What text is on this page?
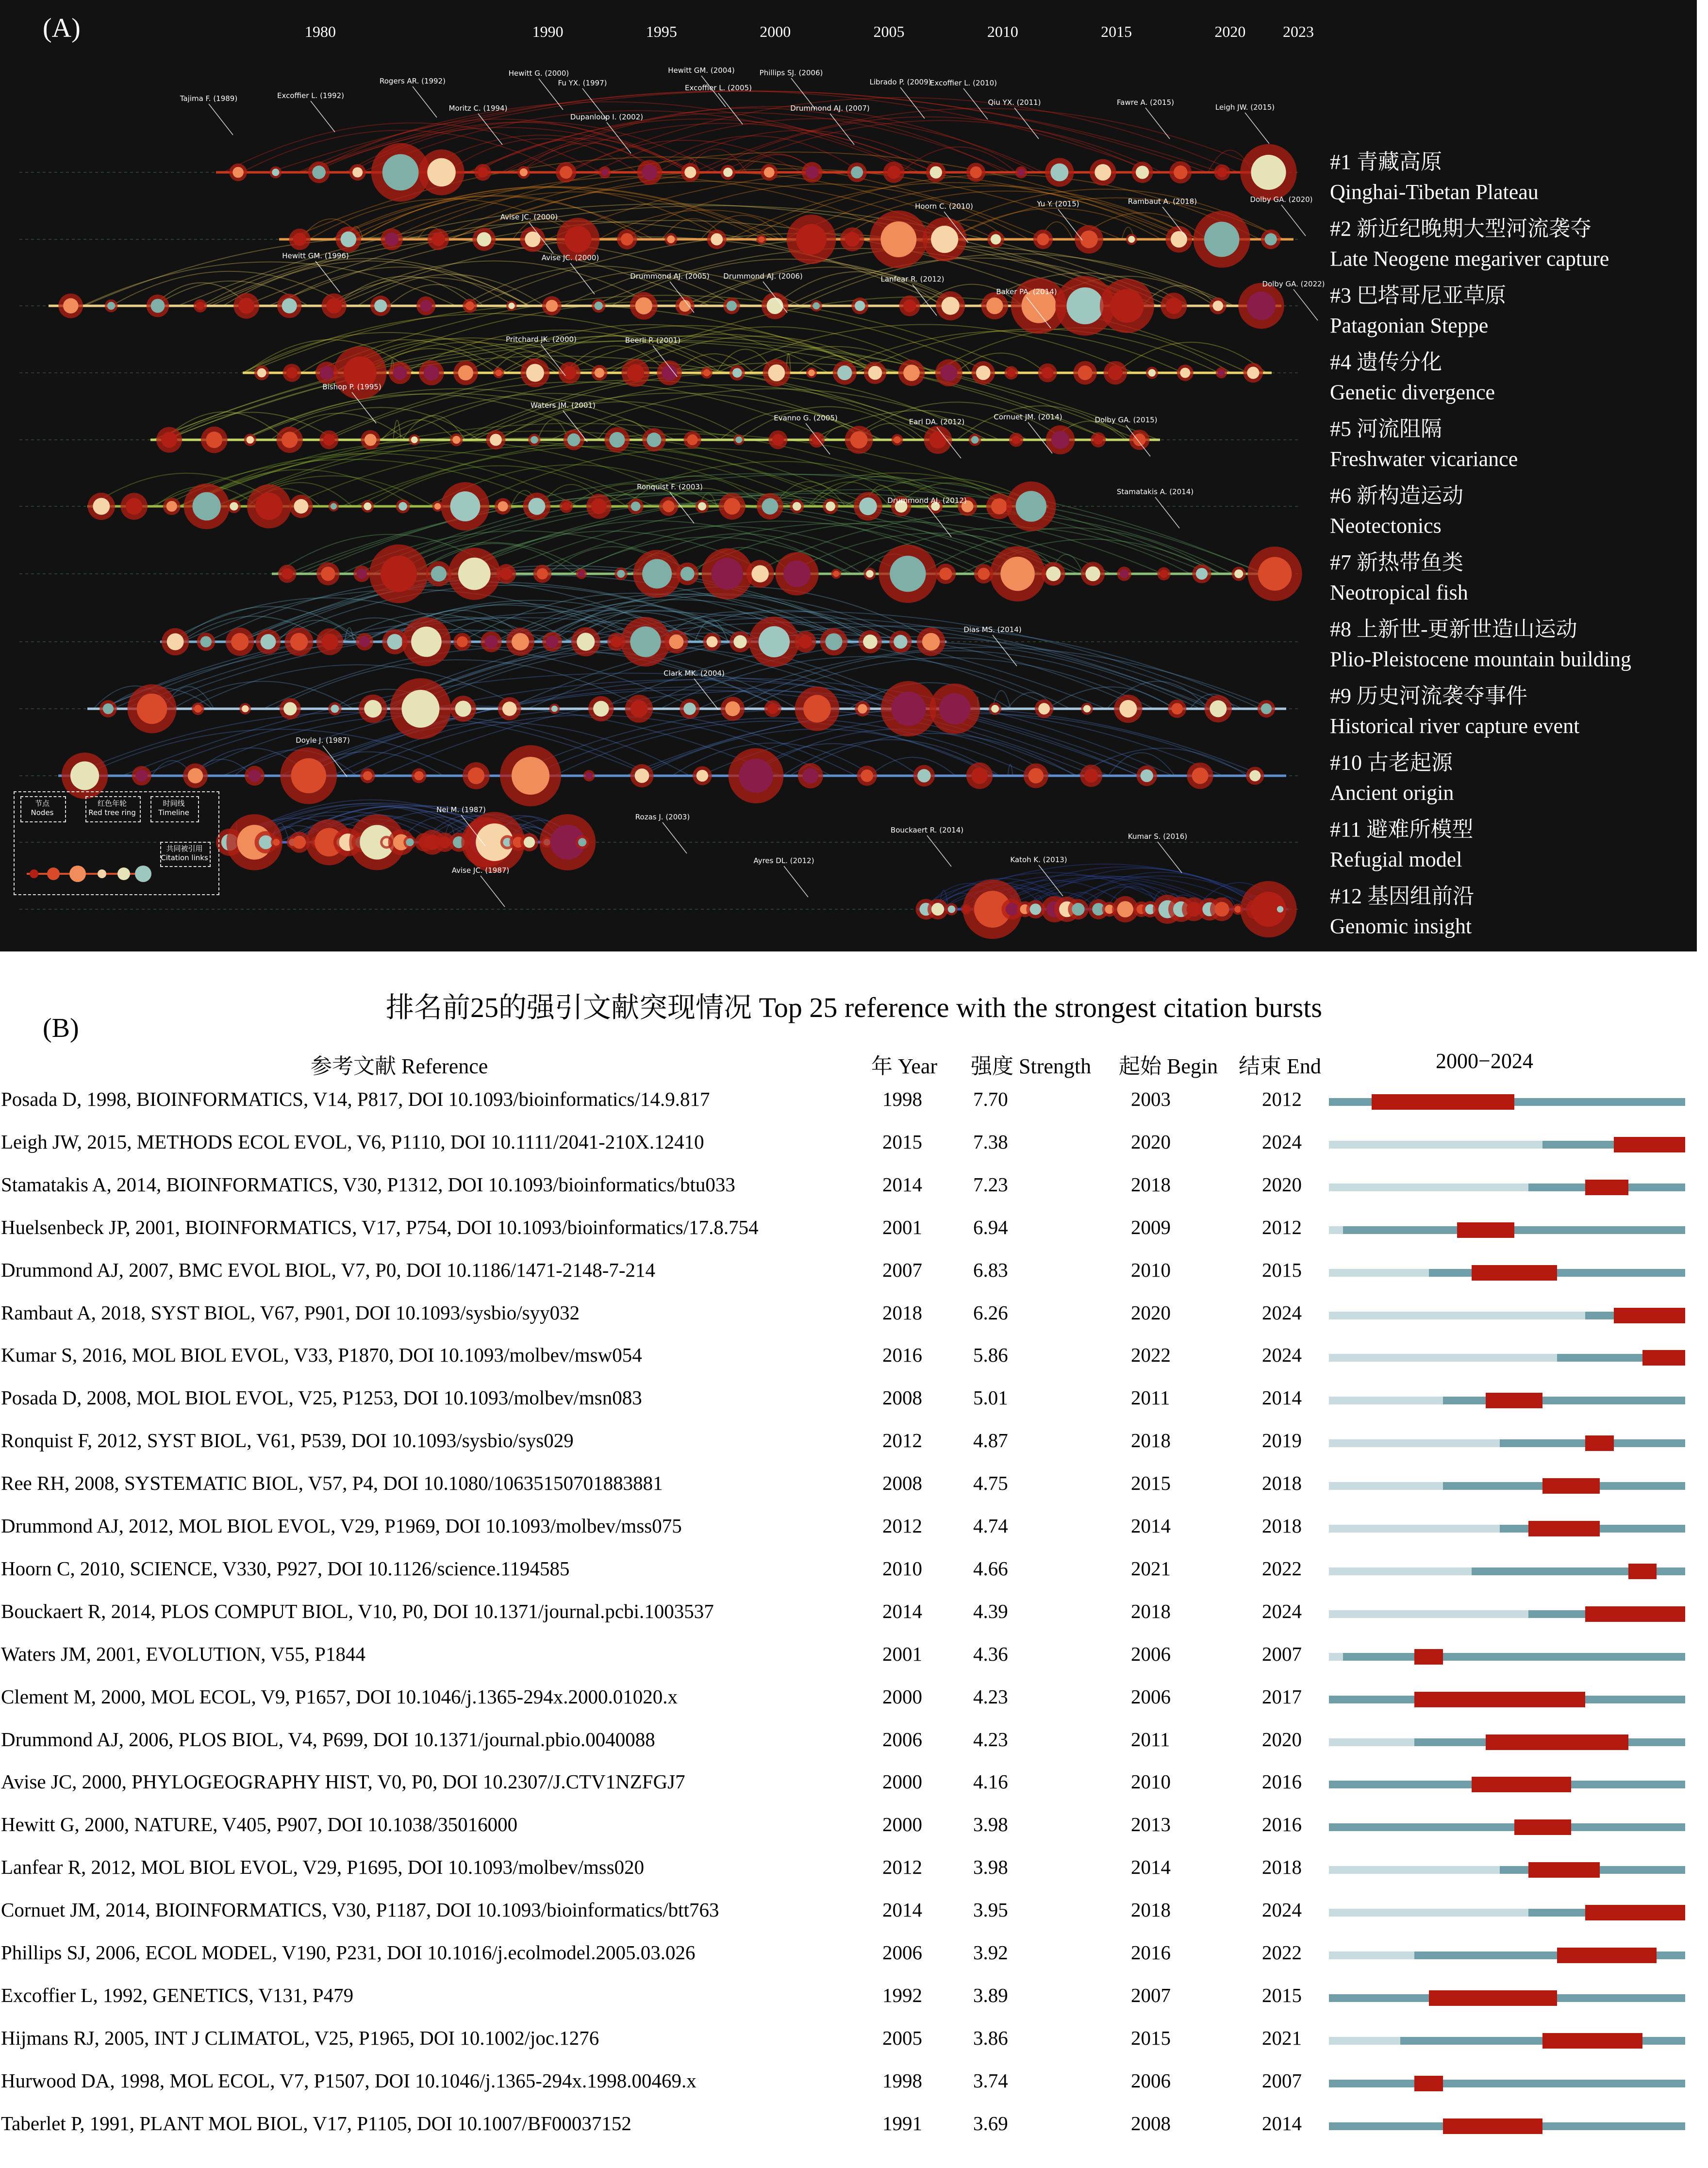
1980	1990	1995	2000	2005	2010	2015	2020 2023
Tajima F. (1989)	Excoffier L. (1992)
Rogers AR. (1992)
Moritz C. (1994)
Hewitt G. (2000)
Fu YX. (1997)
Dupanloup I. (2002)
Hewitt GM. (2004)
Excoffier L. (2005)
Phillips SJ. (2006)
Drummond AJ. (2007)
Librado P. (2009)
Excoffier L. (2010)
Qiu YX. (2011)	Fawre A. (2015)
Leigh JW. (2015)
Avise JC. (2000)
Avise JC. (2000)
Hewitt GM. (1996)
Drummond AJ. (2005) Drummond AJ. (2006)	Lanfear R. (2012)
Hoorn C. (2010)	Yu Y. (2015)	Rambaut A. (2018)	Dolby GA. (2020)
Baker PA. (2014)
Dolby GA. (2022)
Pritchard JK. (2000)	Beerli P. (2001)
Bishop P. (1995)
Waters JM. (2001)
Evanno G. (2005)	Earl DA. (2012)
Cornuet JM. (2014)	Dolby GA. (2015)
Ronquist F. (2003)
Stamatakis A. (2014)
Drummond AJ. (2012)
Dias MS. (2014)
Clark MK. (2004)
Doyle J. (1987)
Nei M. (1987)
Rozas J. (2003)
Bouckaert R. (2014)
Avise JC. (1987)
Katoh K. (2013)
Ayres DL. (2012)
Kumar S. (2016)
#1 青藏高原
Qinghai-Tibetan Plateau
#2 新近纪晚期大型河流袭夺
Late Neogene megariver capture
#3 巴塔哥尼亚草原
Patagonian Steppe
#4 遗传分化
Genetic divergence
#5 河流阻隔
Freshwater vicariance
#6 新构造运动
Neotectonics
#7 新热带鱼类
Neotropical fish
#8 上新世-更新世造山运动
Plio-Pleistocene mountain building
#9 历史河流袭夺事件
Historical river capture event
#10 古老起源
Ancient origin
#11 避难所模型
Refugial model
#12 基因组前沿
Genomic insight
节点
Nodes
红色年轮
Red tree ring
时间线
Timeline
共同被引用
Citation links
(A)
排名前25的强引文献突现情况 Top 25 reference with the strongest citation bursts
(B)
参考文献 Reference	年 Year 强度 Strength 起始 Begin 结束 End	2000−2024
Posada D, 1998, BIOINFORMATICS, V14, P817, DOI 10.1093/bioinformatics/14.9.817	1998	7.70	2003	2012
Leigh JW, 2015, METHODS ECOL EVOL, V6, P1110, DOI 10.1111/2041-210X.12410	2015	7.38	2020	2024
Stamatakis A, 2014, BIOINFORMATICS, V30, P1312, DOI 10.1093/bioinformatics/btu033	2014	7.23	2018	2020
Huelsenbeck JP, 2001, BIOINFORMATICS, V17, P754, DOI 10.1093/bioinformatics/17.8.754	2001	6.94	2009	2012
Drummond AJ, 2007, BMC EVOL BIOL, V7, P0, DOI 10.1186/1471-2148-7-214	2007	6.83	2010	2015
Rambaut A, 2018, SYST BIOL, V67, P901, DOI 10.1093/sysbio/syy032	2018	6.26	2020	2024
Kumar S, 2016, MOL BIOL EVOL, V33, P1870, DOI 10.1093/molbev/msw054	2016	5.86	2022	2024
Posada D, 2008, MOL BIOL EVOL, V25, P1253, DOI 10.1093/molbev/msn083	2008	5.01	2011	2014
Ronquist F, 2012, SYST BIOL, V61, P539, DOI 10.1093/sysbio/sys029	2012	4.87	2018	2019
Ree RH, 2008, SYSTEMATIC BIOL, V57, P4, DOI 10.1080/10635150701883881	2008	4.75	2015	2018
Drummond AJ, 2012, MOL BIOL EVOL, V29, P1969, DOI 10.1093/molbev/mss075	2012	4.74	2014	2018
Hoorn C, 2010, SCIENCE, V330, P927, DOI 10.1126/science.1194585	2010	4.66	2021	2022
Bouckaert R, 2014, PLOS COMPUT BIOL, V10, P0, DOI 10.1371/journal.pcbi.1003537	2014	4.39	2018	2024
Waters JM, 2001, EVOLUTION, V55, P1844	2001	4.36	2006	2007
Clement M, 2000, MOL ECOL, V9, P1657, DOI 10.1046/j.1365-294x.2000.01020.x	2000	4.23	2006	2017
Drummond AJ, 2006, PLOS BIOL, V4, P699, DOI 10.1371/journal.pbio.0040088	2006	4.23	2011	2020
Avise JC, 2000, PHYLOGEOGRAPHY HIST, V0, P0, DOI 10.2307/J.CTV1NZFGJ7	2000	4.16	2010	2016
Hewitt G, 2000, NATURE, V405, P907, DOI 10.1038/35016000	2000	3.98	2013	2016
Lanfear R, 2012, MOL BIOL EVOL, V29, P1695, DOI 10.1093/molbev/mss020	2012	3.98	2014	2018
Cornuet JM, 2014, BIOINFORMATICS, V30, P1187, DOI 10.1093/bioinformatics/btt763	2014	3.95	2018	2024
Phillips SJ, 2006, ECOL MODEL, V190, P231, DOI 10.1016/j.ecolmodel.2005.03.026	2006	3.92	2016	2022
Excoffier L, 1992, GENETICS, V131, P479	1992	3.89	2007	2015
Hijmans RJ, 2005, INT J CLIMATOL, V25, P1965, DOI 10.1002/joc.1276	2005	3.86	2015	2021
Hurwood DA, 1998, MOL ECOL, V7, P1507, DOI 10.1046/j.1365-294x.1998.00469.x	1998	3.74	2006	2007
Taberlet P, 1991, PLANT MOL BIOL, V17, P1105, DOI 10.1007/BF00037152	1991	3.69	2008	2014
